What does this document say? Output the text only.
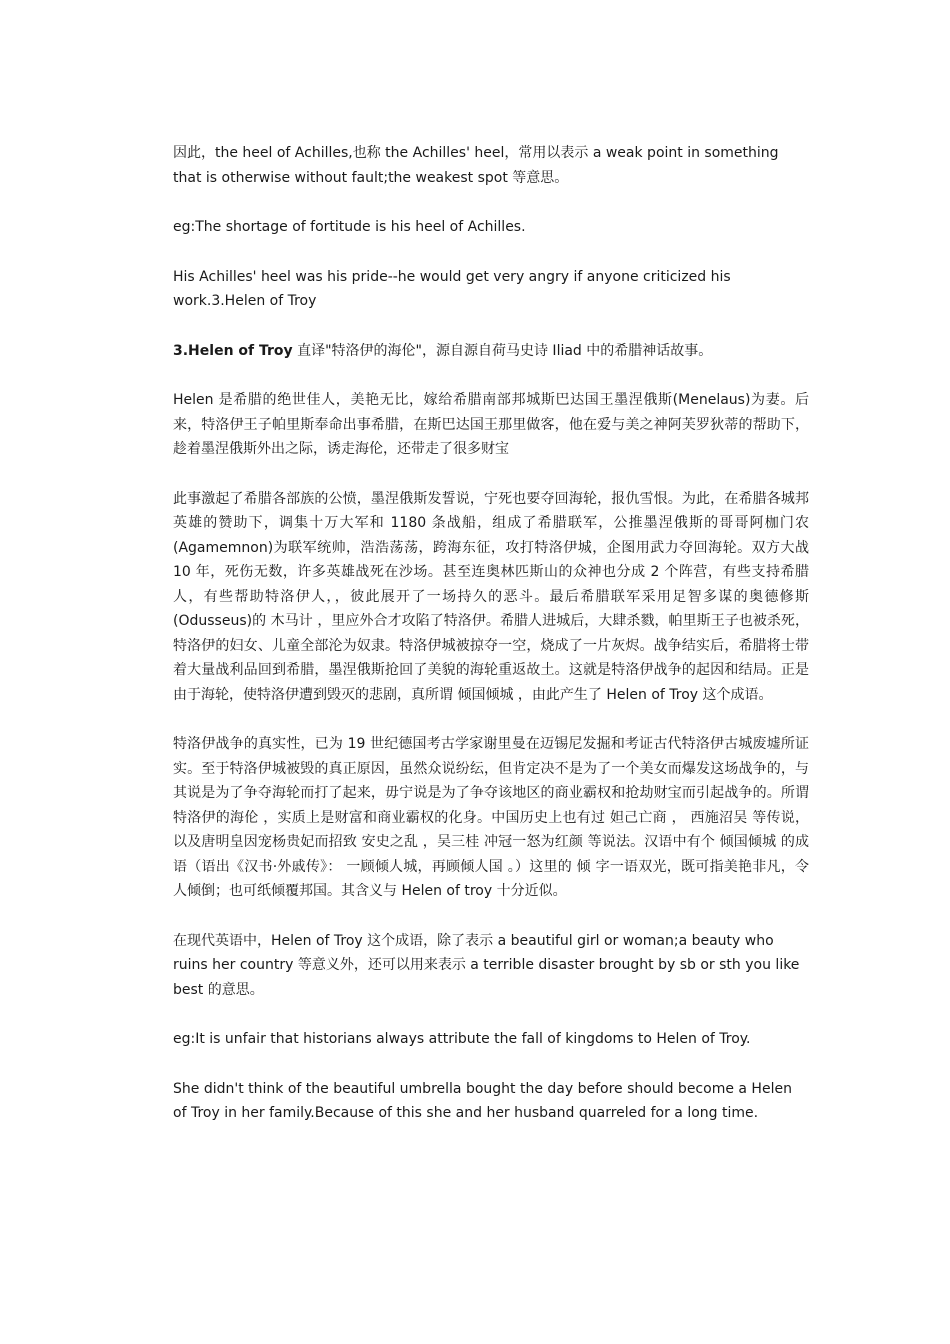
因此，the heel of Achilles,也称 the Achilles' heel，常用以表示 a weak point in something that is otherwise without fault;the weakest spot 等意思。

eg:The shortage of fortitude is his heel of Achilles.

His Achilles' heel was his pride--he would get very angry if anyone criticized his work.3.Helen of Troy

3.Helen of Troy 直译"特洛伊的海伦"，源自源自荷马史诗 Iliad 中的希腊神话故事。

Helen 是希腊的绝世佳人，美艳无比，嫁给希腊南部邦城斯巴达国王墨涅俄斯(Menelaus)为妻。后来，特洛伊王子帕里斯奉命出事希腊，在斯巴达国王那里做客，他在爱与美之神阿芙罗狄蒂的帮助下，趁着墨涅俄斯外出之际，诱走海伦，还带走了很多财宝

此事激起了希腊各部族的公愤，墨涅俄斯发誓说，宁死也要夺回海轮，报仇雪恨。为此，在希腊各城邦英雄的赞助下，调集十万大军和 1180 条战船，组成了希腊联军，公推墨涅俄斯的哥哥阿枷门农(Agamemnon)为联军统帅，浩浩荡荡，跨海东征，攻打特洛伊城，企图用武力夺回海轮。双方大战 10 年，死伤无数，许多英雄战死在沙场。甚至连奥林匹斯山的众神也分成 2 个阵营，有些支持希腊人，有些帮助特洛伊人，，彼此展开了一场持久的恶斗。最后希腊联军采用足智多谋的奥德修斯(Odusseus)的 木马计 ，里应外合才攻陷了特洛伊。希腊人进城后，大肆杀戮，帕里斯王子也被杀死，特洛伊的妇女、儿童全部沦为奴隶。特洛伊城被掠夺一空，烧成了一片灰烬。战争结实后，希腊将士带着大量战利品回到希腊，墨涅俄斯抢回了美貌的海轮重返故土。这就是特洛伊战争的起因和结局。正是由于海轮，使特洛伊遭到毁灭的悲剧，真所谓 倾国倾城 ，由此产生了 Helen of Troy 这个成语。

特洛伊战争的真实性，已为 19 世纪德国考古学家谢里曼在迈锡尼发掘和考证古代特洛伊古城废墟所证实。至于特洛伊城被毁的真正原因，虽然众说纷纭，但肯定决不是为了一个美女而爆发这场战争的，与其说是为了争夺海轮而打了起来，毋宁说是为了争夺该地区的商业霸权和抢劫财宝而引起战争的。所谓 特洛伊的海伦 ，实质上是财富和商业霸权的化身。中国历史上也有过 妲己亡商 ， 西施沼吴 等传说，以及唐明皇因宠杨贵妃而招致 安史之乱 ，吴三桂 冲冠一怒为红颜 等说法。汉语中有个 倾国倾城 的成语（语出《汉书·外戚传》： 一顾倾人城，再顾倾人国 。）这里的 倾 字一语双光，既可指美艳非凡，令人倾倒；也可纸倾覆邦国。其含义与 Helen of troy 十分近似。

在现代英语中，Helen of Troy 这个成语，除了表示 a beautiful girl or woman;a beauty who ruins her country 等意义外，还可以用来表示 a terrible disaster brought by sb or sth you like best 的意思。

eg:It is unfair that historians always attribute the fall of kingdoms to Helen of Troy.

She didn't think of the beautiful umbrella bought the day before should become a Helen of Troy in her family.Because of this she and her husband quarreled for a long time.
